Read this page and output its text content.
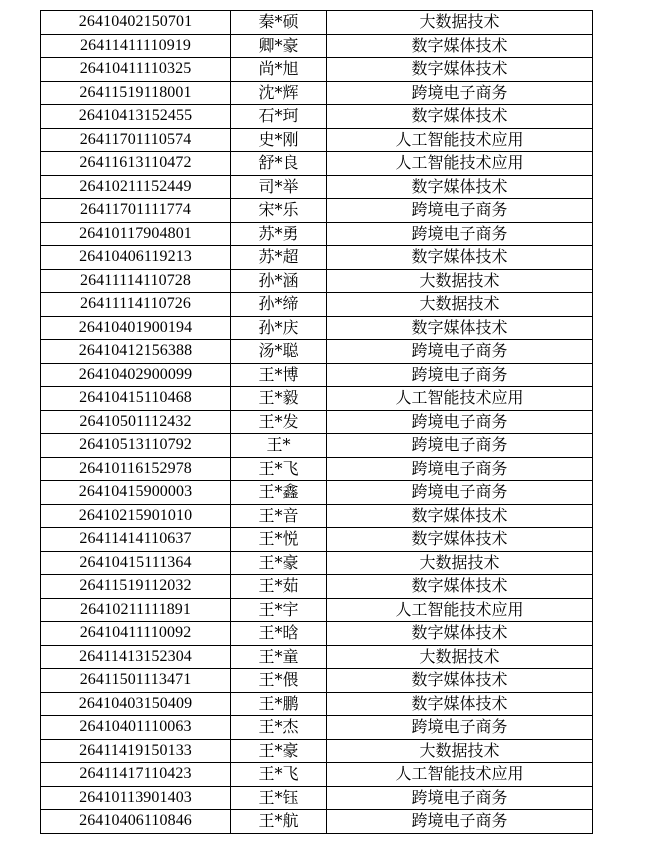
26410402150701	秦*硕	大数据技术
26411411110919	卿*豪	数字媒体技术
26410411110325	尚*旭	数字媒体技术
26411519118001	沈*辉	跨境电子商务
26410413152455	石*珂	数字媒体技术
26411701110574	史*刚	人工智能技术应用
26411613110472	舒*良	人工智能技术应用
26410211152449	司*举	数字媒体技术
26411701111774	宋*乐	跨境电子商务
26410117904801	苏*勇	跨境电子商务
26410406119213	苏*超	数字媒体技术
26411114110728	孙*涵	大数据技术
26411114110726	孙*缔	大数据技术
26410401900194	孙*庆	数字媒体技术
26410412156388	汤*聪	跨境电子商务
26410402900099	王*博	跨境电子商务
26410415110468	王*毅	人工智能技术应用
26410501112432	王*发	跨境电子商务
26410513110792	王*	跨境电子商务
26410116152978	王*飞	跨境电子商务
26410415900003	王*鑫	跨境电子商务
26410215901010	王*音	数字媒体技术
26411414110637	王*悦	数字媒体技术
26410415111364	王*豪	大数据技术
26411519112032	王*茹	数字媒体技术
26410211111891	王*宇	人工智能技术应用
26410411110092	王*晗	数字媒体技术
26411413152304	王*童	大数据技术
26411501113471	王*偎	数字媒体技术
26410403150409	王*鹏	数字媒体技术
26410401110063	王*杰	跨境电子商务
26411419150133	王*豪	大数据技术
26411417110423	王*飞	人工智能技术应用
26410113901403	王*钰	跨境电子商务
26410406110846	王*航	跨境电子商务
